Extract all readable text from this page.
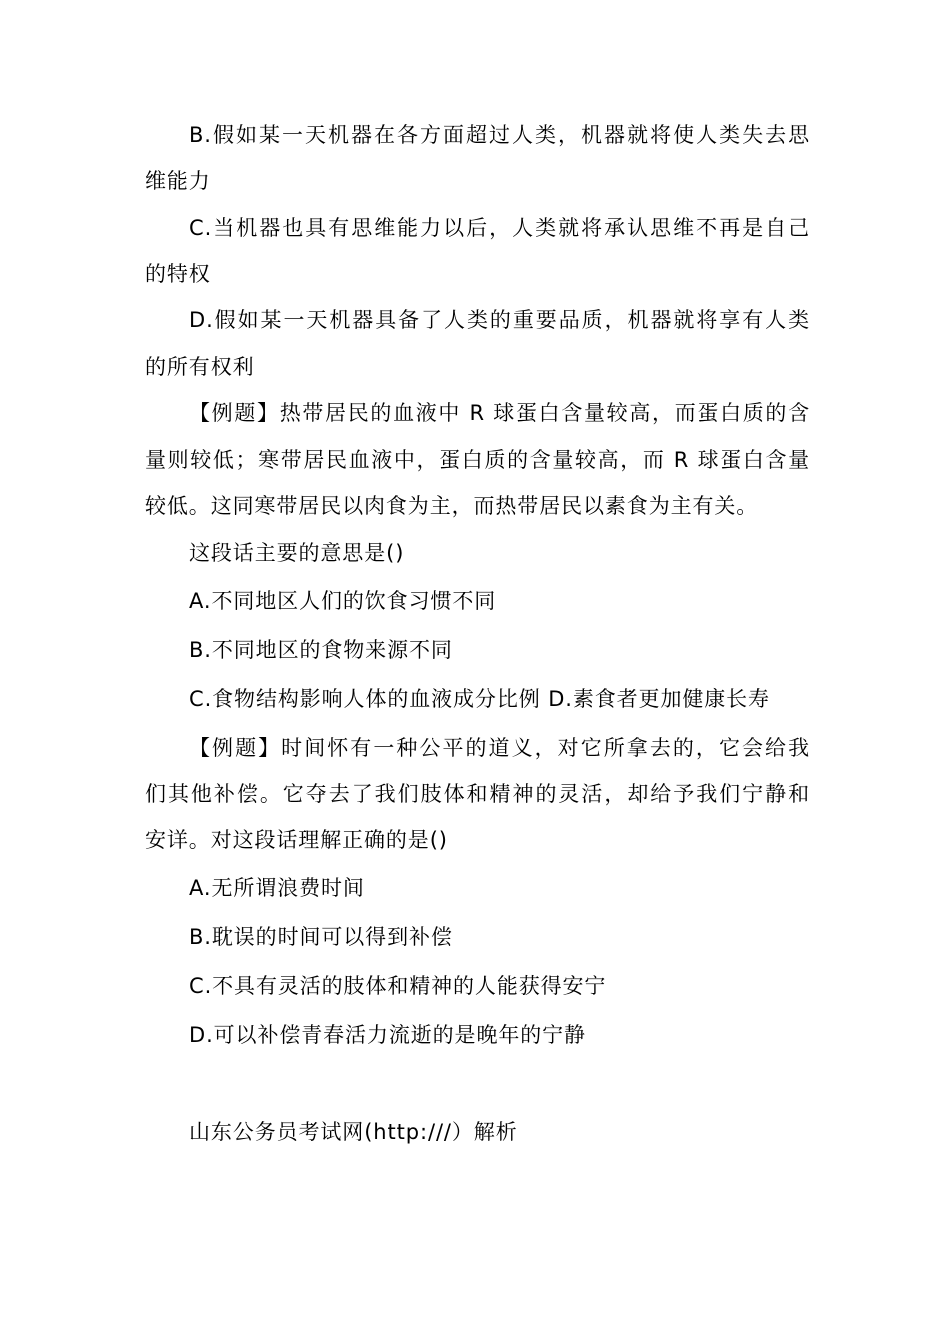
B.假如某一天机器在各方面超过人类，机器就将使人类失去思
维能力
C.当机器也具有思维能力以后，人类就将承认思维不再是自己
的特权
D.假如某一天机器具备了人类的重要品质，机器就将享有人类
的所有权利
【例题】热带居民的血液中 R 球蛋白含量较高，而蛋白质的含
量则较低；寒带居民血液中，蛋白质的含量较高，而 R 球蛋白含量
较低。这同寒带居民以肉食为主，而热带居民以素食为主有关。
这段话主要的意思是()
A.不同地区人们的饮食习惯不同
B.不同地区的食物来源不同
C.食物结构影响人体的血液成分比例 D.素食者更加健康长寿
【例题】时间怀有一种公平的道义，对它所拿去的，它会给我
们其他补偿。它夺去了我们肢体和精神的灵活，却给予我们宁静和
安详。对这段话理解正确的是()
A.无所谓浪费时间
B.耽误的时间可以得到补偿
C.不具有灵活的肢体和精神的人能获得安宁
D.可以补偿青春活力流逝的是晚年的宁静
山东公务员考试网(http:///）解析
